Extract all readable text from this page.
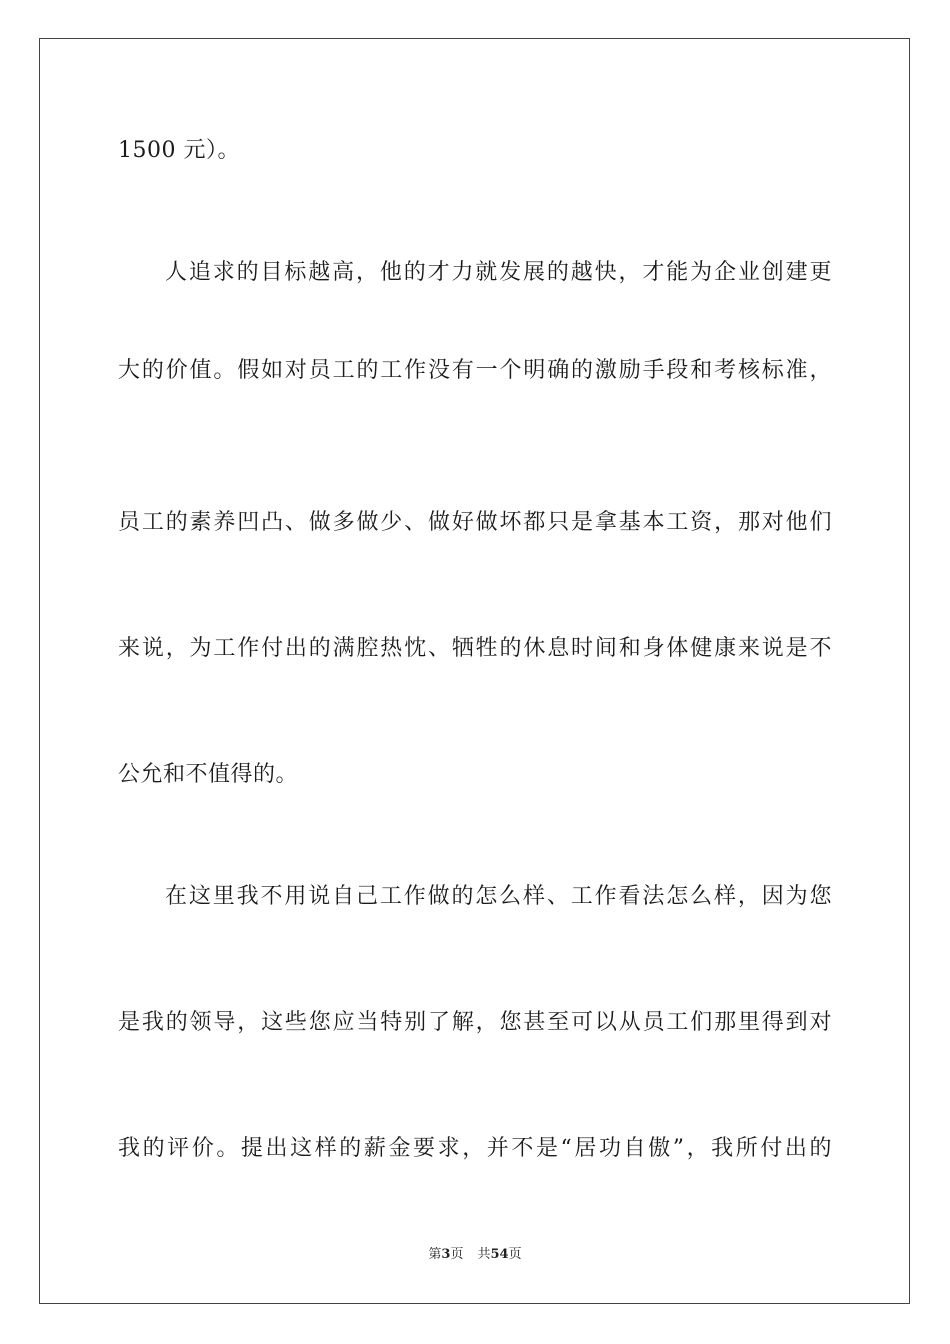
1500 元）。
人追求的目标越高，他的才力就发展的越快，才能为企业创建更
大的价值。假如对员工的工作没有一个明确的激励手段和考核标准，
员工的素养凹凸、做多做少、做好做坏都只是拿基本工资，那对他们
来说，为工作付出的满腔热忱、牺牲的休息时间和身体健康来说是不
公允和不值得的。
在这里我不用说自己工作做的怎么样、工作看法怎么样，因为您
是我的领导，这些您应当特别了解，您甚至可以从员工们那里得到对
我的评价。提出这样的薪金要求，并不是“居功自傲”，我所付出的
第3页 共54页
